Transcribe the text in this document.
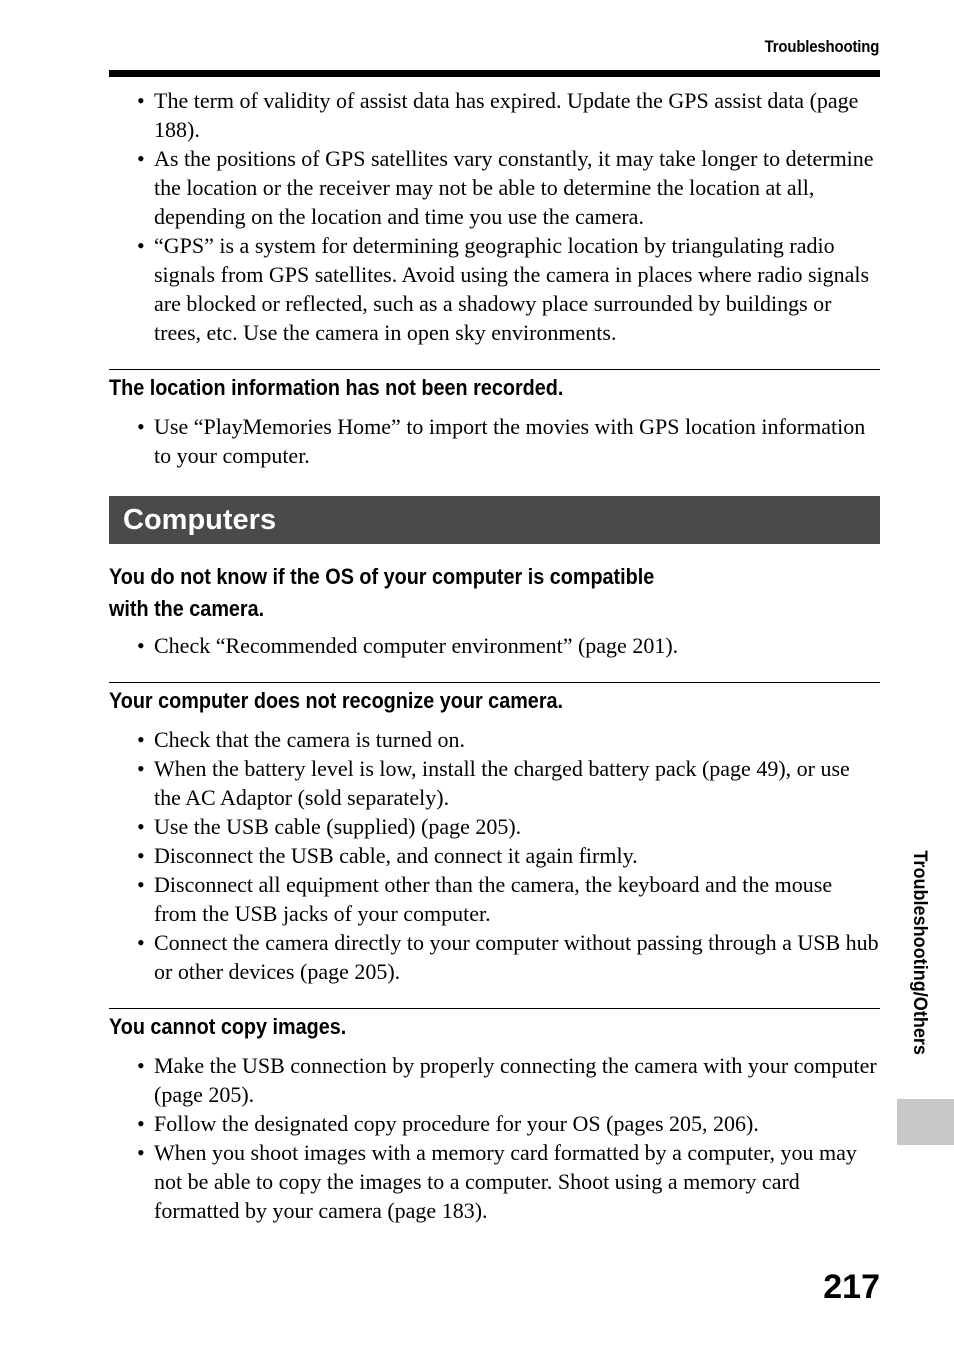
Troubleshooting
• The term of validity of assist data has expired. Update the GPS assist data (page 188).
• As the positions of GPS satellites vary constantly, it may take longer to determine the location or the receiver may not be able to determine the location at all, depending on the location and time you use the camera.
• “GPS” is a system for determining geographic location by triangulating radio signals from GPS satellites. Avoid using the camera in places where radio signals are blocked or reflected, such as a shadowy place surrounded by buildings or trees, etc. Use the camera in open sky environments.
The location information has not been recorded.
• Use “PlayMemories Home” to import the movies with GPS location information to your computer.
Computers
You do not know if the OS of your computer is compatible with the camera.
• Check “Recommended computer environment” (page 201).
Your computer does not recognize your camera.
• Check that the camera is turned on.
• When the battery level is low, install the charged battery pack (page 49), or use the AC Adaptor (sold separately).
• Use the USB cable (supplied) (page 205).
• Disconnect the USB cable, and connect it again firmly.
• Disconnect all equipment other than the camera, the keyboard and the mouse from the USB jacks of your computer.
• Connect the camera directly to your computer without passing through a USB hub or other devices (page 205).
You cannot copy images.
• Make the USB connection by properly connecting the camera with your computer (page 205).
• Follow the designated copy procedure for your OS (pages 205, 206).
• When you shoot images with a memory card formatted by a computer, you may not be able to copy the images to a computer. Shoot using a memory card formatted by your camera (page 183).
Troubleshooting/Others
217
